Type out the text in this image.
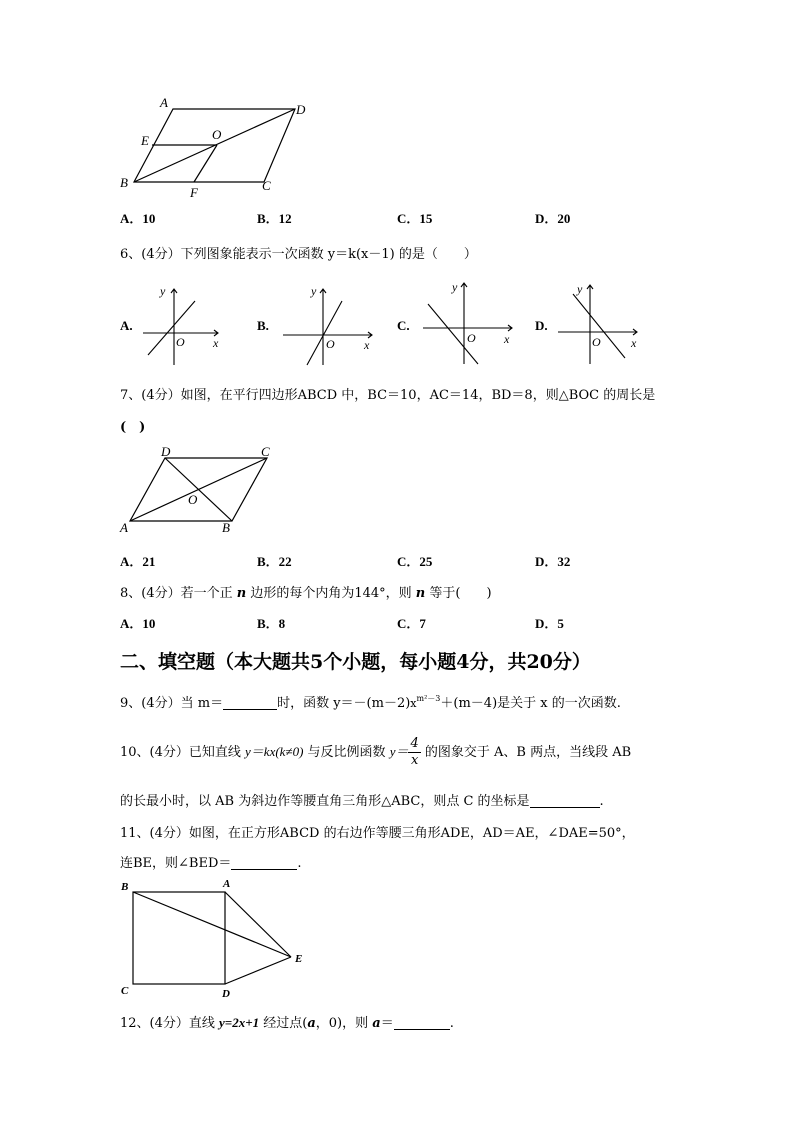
A	D
E	O
B
F	C
A．10	B．12	C．15	D．20
6、(4分）下列图象能表示一次函数 y＝k(x－1) 的是（　　）
A.
y
O x
B.
y
O x
C.
y
O x
D.
y
O	x
7、(4分）如图，在平行四边形ABCD 中，BC＝10，AC＝14，BD＝8，则△BOC 的周长是
(　)
D	C
O
A	B
A．21	B．22	C．25	D．32
8、(4分）若一个正 n 边形的每个内角为144°，则 n 等于(　　)
A．10	B．8	C．7	D．5
二、填空题（本大题共5个小题，每小题4分，共20分）
9、(4分）当 m＝	时，函数 $y=-(m-2)x^{m^2-3}+(m-4)$是关于 x 的一次函数.
10、(4分）已知直线 y＝kx(k≠0) 与反比例函数 $y= \frac{4}{x}$ 的图象交于 A、B 两点，当线段 AB
的长最小时，以 AB 为斜边作等腰直角三角形△ABC，则点 C 的坐标是	.
11、(4分）如图，在正方形ABCD 的右边作等腰三角形ADE，AD＝AE，∠DAE=50°，
连BE，则∠BED＝	.
B	A
E
C	D
12、(4分）直线 y=2x+1 经过点(a，0)，则 a＝	.
